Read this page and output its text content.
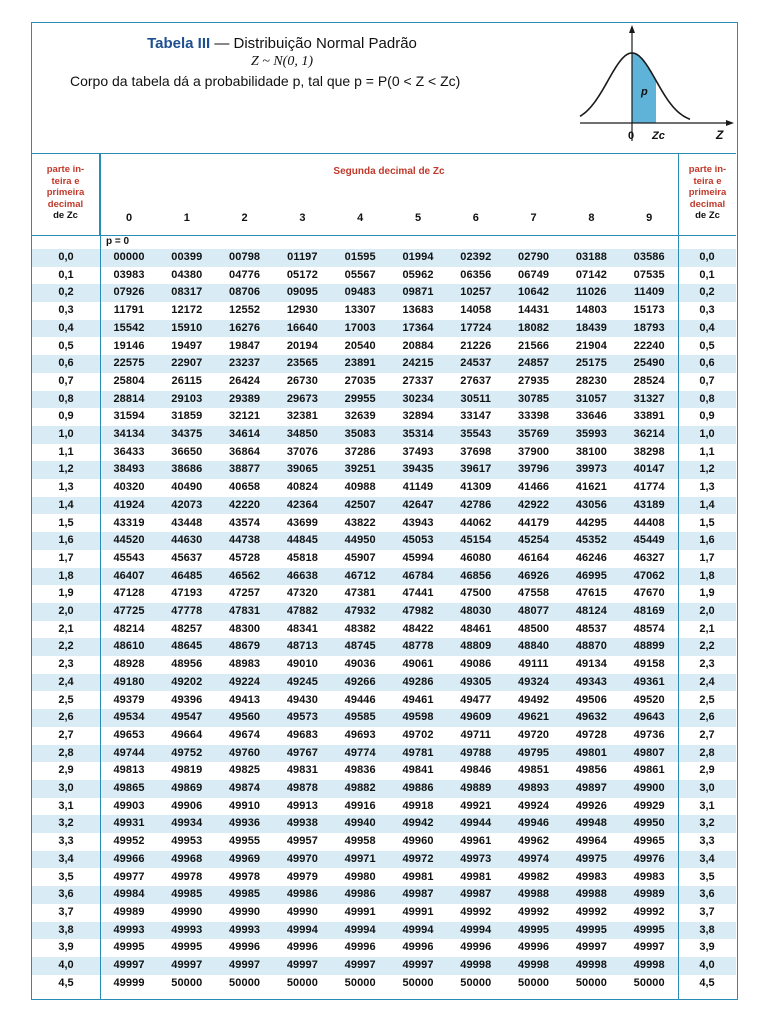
Tabela III — Distribuição Normal Padrão
Z ~ N(0, 1)
Corpo da tabela dá a probabilidade p, tal que p = P(0 < Z < Zc)
p
0 Zc	Z
parte in-
teira e
primeira
decimal
de Zc
Segunda decimal de Zc
0	1	2	3	4	5	6	7	8	9
parte in-
teira e
primeira
decimal
de Zc
p = 0
0,0	00000	00399	00798	01197	01595	01994	02392	02790	03188	03586	0,0
0,1	03983	04380	04776	05172	05567	05962	06356	06749	07142	07535	0,1
0,2	07926	08317	08706	09095	09483	09871	10257	10642	11026	11409	0,2
0,3	11791	12172	12552	12930	13307	13683	14058	14431	14803	15173	0,3
0,4	15542	15910	16276	16640	17003	17364	17724	18082	18439	18793	0,4
0,5	19146	19497	19847	20194	20540	20884	21226	21566	21904	22240	0,5
0,6	22575	22907	23237	23565	23891	24215	24537	24857	25175	25490	0,6
0,7	25804	26115	26424	26730	27035	27337	27637	27935	28230	28524	0,7
0,8	28814	29103	29389	29673	29955	30234	30511	30785	31057	31327	0,8
0,9	31594	31859	32121	32381	32639	32894	33147	33398	33646	33891	0,9
1,0	34134	34375	34614	34850	35083	35314	35543	35769	35993	36214	1,0
1,1	36433	36650	36864	37076	37286	37493	37698	37900	38100	38298	1,1
1,2	38493	38686	38877	39065	39251	39435	39617	39796	39973	40147	1,2
1,3	40320	40490	40658	40824	40988	41149	41309	41466	41621	41774	1,3
1,4	41924	42073	42220	42364	42507	42647	42786	42922	43056	43189	1,4
1,5	43319	43448	43574	43699	43822	43943	44062	44179	44295	44408	1,5
1,6	44520	44630	44738	44845	44950	45053	45154	45254	45352	45449	1,6
1,7	45543	45637	45728	45818	45907	45994	46080	46164	46246	46327	1,7
1,8	46407	46485	46562	46638	46712	46784	46856	46926	46995	47062	1,8
1,9	47128	47193	47257	47320	47381	47441	47500	47558	47615	47670	1,9
2,0	47725	47778	47831	47882	47932	47982	48030	48077	48124	48169	2,0
2,1	48214	48257	48300	48341	48382	48422	48461	48500	48537	48574	2,1
2,2	48610	48645	48679	48713	48745	48778	48809	48840	48870	48899	2,2
2,3	48928	48956	48983	49010	49036	49061	49086	49111	49134	49158	2,3
2,4	49180	49202	49224	49245	49266	49286	49305	49324	49343	49361	2,4
2,5	49379	49396	49413	49430	49446	49461	49477	49492	49506	49520	2,5
2,6	49534	49547	49560	49573	49585	49598	49609	49621	49632	49643	2,6
2,7	49653	49664	49674	49683	49693	49702	49711	49720	49728	49736	2,7
2,8	49744	49752	49760	49767	49774	49781	49788	49795	49801	49807	2,8
2,9	49813	49819	49825	49831	49836	49841	49846	49851	49856	49861	2,9
3,0	49865	49869	49874	49878	49882	49886	49889	49893	49897	49900	3,0
3,1	49903	49906	49910	49913	49916	49918	49921	49924	49926	49929	3,1
3,2	49931	49934	49936	49938	49940	49942	49944	49946	49948	49950	3,2
3,3	49952	49953	49955	49957	49958	49960	49961	49962	49964	49965	3,3
3,4	49966	49968	49969	49970	49971	49972	49973	49974	49975	49976	3,4
3,5	49977	49978	49978	49979	49980	49981	49981	49982	49983	49983	3,5
3,6	49984	49985	49985	49986	49986	49987	49987	49988	49988	49989	3,6
3,7	49989	49990	49990	49990	49991	49991	49992	49992	49992	49992	3,7
3,8	49993	49993	49993	49994	49994	49994	49994	49995	49995	49995	3,8
3,9	49995	49995	49996	49996	49996	49996	49996	49996	49997	49997	3,9
4,0	49997	49997	49997	49997	49997	49997	49998	49998	49998	49998	4,0
4,5	49999	50000	50000	50000	50000	50000	50000	50000	50000	50000	4,5
